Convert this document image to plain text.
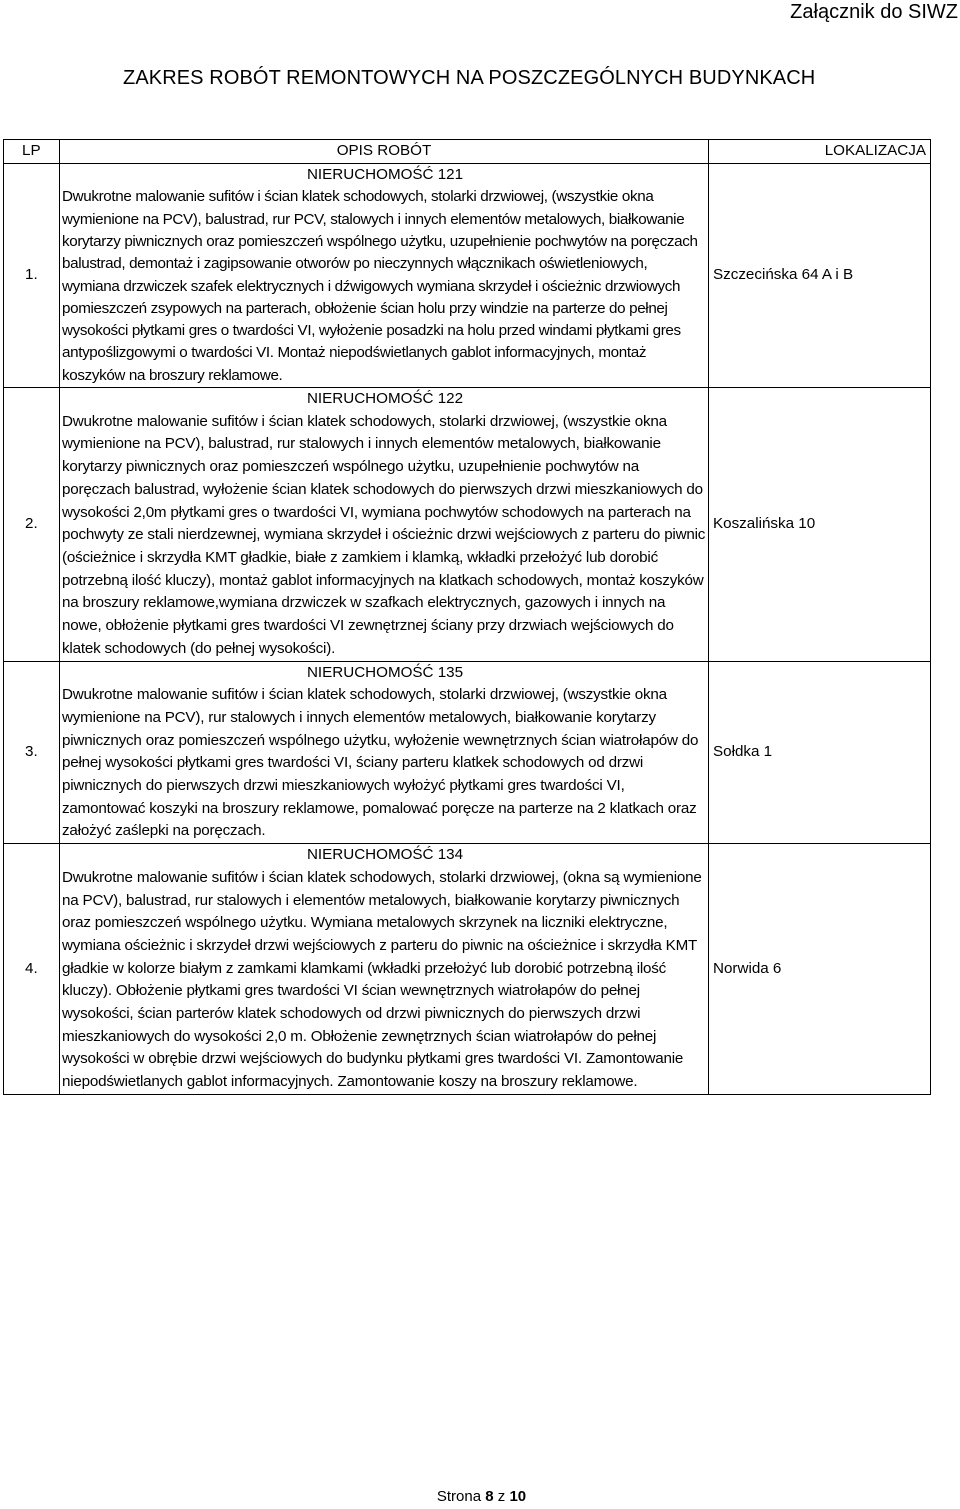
Załącznik do SIWZ
ZAKRES ROBÓT REMONTOWYCH NA POSZCZEGÓLNYCH BUDYNKACH
LP	OPIS ROBÓT	LOKALIZACJA
1.	NIERUCHOMOŚĆ 121
Dwukrotne malowanie sufitów i ścian klatek schodowych, stolarki drzwiowej, (wszystkie okna wymienione na PCV), balustrad, rur PCV, stalowych i innych elementów metalowych, białkowanie korytarzy piwnicznych oraz pomieszczeń wspólnego użytku, uzupełnienie pochwytów na poręczach balustrad, demontaż i zagipsowanie otworów po nieczynnych włącznikach oświetleniowych, wymiana drzwiczek szafek elektrycznych i dźwigowych wymiana skrzydeł i ościeżnic drzwiowych pomieszczeń zsypowych na parterach, obłożenie ścian holu przy windzie na parterze do pełnej wysokości płytkami gres o twardości VI, wyłożenie posadzki na holu przed windami płytkami gres antypoślizgowymi o twardości VI. Montaż niepodświetlanych gablot informacyjnych, montaż koszyków na broszury reklamowe.	Szczecińska 64 A i B
2.	NIERUCHOMOŚĆ 122
Dwukrotne malowanie sufitów i ścian klatek schodowych, stolarki drzwiowej, (wszystkie okna wymienione na PCV), balustrad, rur stalowych i innych elementów metalowych, białkowanie korytarzy piwnicznych oraz pomieszczeń wspólnego użytku, uzupełnienie pochwytów na poręczach balustrad, wyłożenie ścian klatek schodowych do pierwszych drzwi mieszkaniowych do wysokości 2,0m płytkami gres o twardości VI, wymiana pochwytów schodowych na parterach na pochwyty ze stali nierdzewnej, wymiana skrzydeł i ościeżnic drzwi wejściowych z parteru do piwnic (ościeżnice i skrzydła KMT gładkie, białe z zamkiem i klamką, wkładki przełożyć lub dorobić potrzebną ilość kluczy), montaż gablot informacyjnych na klatkach schodowych, montaż koszyków na broszury reklamowe,wymiana drzwiczek w szafkach elektrycznych, gazowych i innych na nowe, obłożenie płytkami gres twardości VI zewnętrznej ściany przy drzwiach wejściowych do klatek schodowych (do pełnej wysokości).	Koszalińska 10
3.	NIERUCHOMOŚĆ 135
Dwukrotne malowanie sufitów i ścian klatek schodowych, stolarki drzwiowej, (wszystkie okna wymienione na PCV), rur stalowych i innych elementów metalowych, białkowanie korytarzy piwnicznych oraz pomieszczeń wspólnego użytku, wyłożenie wewnętrznych ścian wiatrołapów do pełnej wysokości płytkami gres twardości VI, ściany parteru klatkek schodowych od drzwi piwnicznych do pierwszych drzwi mieszkaniowych wyłożyć płytkami gres twardości VI, zamontować koszyki na broszury reklamowe, pomalować poręcze na parterze na 2 klatkach oraz założyć zaślepki na poręczach.	Sołdka 1
4.	NIERUCHOMOŚĆ 134
Dwukrotne malowanie sufitów i ścian klatek schodowych, stolarki drzwiowej, (okna są wymienione na PCV), balustrad, rur stalowych i elementów metalowych, białkowanie korytarzy piwnicznych oraz pomieszczeń wspólnego użytku. Wymiana metalowych skrzynek na liczniki elektryczne, wymiana ościeżnic i skrzydeł drzwi wejściowych z parteru do piwnic na ościeżnice i skrzydła KMT gładkie w kolorze białym z zamkami klamkami (wkładki przełożyć lub dorobić potrzebną ilość kluczy). Obłożenie płytkami gres twardości VI ścian wewnętrznych wiatrołapów do pełnej wysokości, ścian parterów klatek schodowych od drzwi piwnicznych do pierwszych drzwi mieszkaniowych do wysokości 2,0 m. Obłożenie zewnętrznych ścian wiatrołapów do pełnej wysokości w obrębie drzwi wejściowych do budynku płytkami gres twardości VI. Zamontowanie niepodświetlanych gablot informacyjnych. Zamontowanie koszy na broszury reklamowe.	Norwida 6
Strona 8 z 10
